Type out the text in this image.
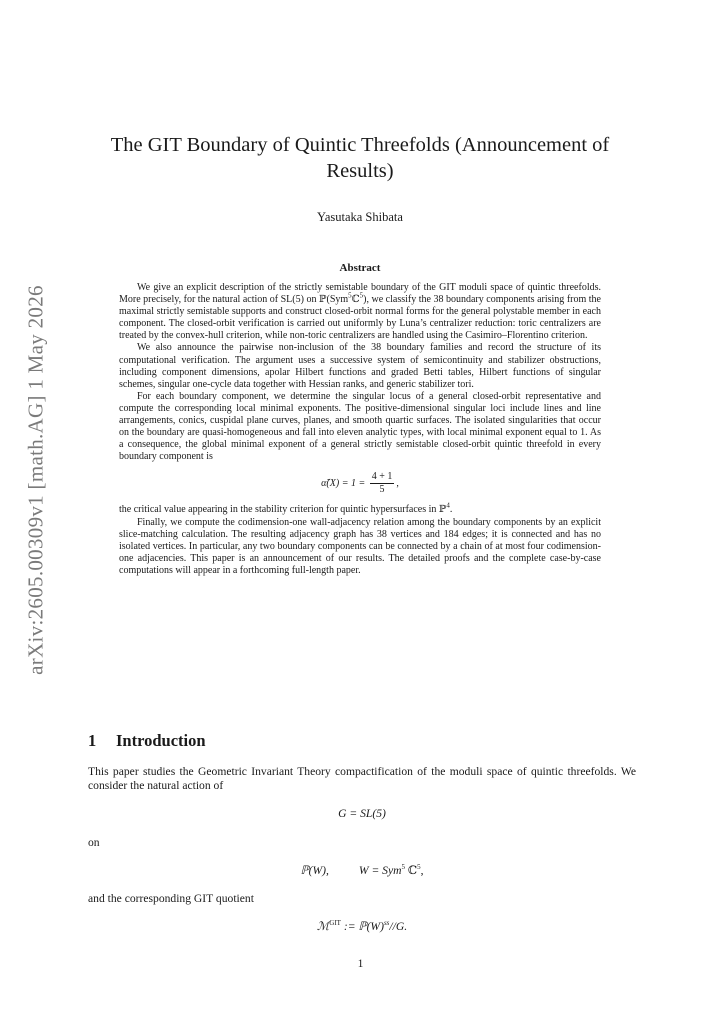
arXiv:2605.00309v1 [math.AG] 1 May 2026
The GIT Boundary of Quintic Threefolds (Announcement of Results)
Yasutaka Shibata
Abstract

We give an explicit description of the strictly semistable boundary of the GIT moduli space of quintic threefolds. More precisely, for the natural action of SL(5) on ℙ(Sym$^5$ℂ$^5$), we classify the 38 boundary components arising from the maximal strictly semistable supports and construct closed-orbit normal forms for the general polystable member in each component. The closed-orbit verification is carried out uniformly by Luna’s centralizer reduction: toric centralizers are treated by the convex-hull criterion, while non-toric centralizers are handled using the Casimiro–Florentino criterion.

We also announce the pairwise non-inclusion of the 38 boundary families and record the structure of its computational verification. The argument uses a successive system of semicontinuity and stabilizer obstructions, including component dimensions, apolar Hilbert functions and graded Betti tables, Hilbert functions of singular schemes, singular one-cycle data together with Hessian ranks, and generic stabilizer tori.

For each boundary component, we determine the singular locus of a general closed-orbit representative and compute the corresponding local minimal exponents. The positive-dimensional singular loci include lines and line arrangements, conics, cuspidal plane curves, planes, and smooth quartic surfaces. The isolated singularities that occur on the boundary are quasi-homogeneous and fall into eleven analytic types, with local minimal exponent equal to 1. As a consequence, the global minimal exponent of a general strictly semistable closed-orbit quintic threefold in every boundary component is

α̃(X) = $1 = \frac{4 + 1}{5}$ ,

the critical value appearing in the stability criterion for quintic hypersurfaces in ℙ$^4$.

Finally, we compute the codimension-one wall-adjacency relation among the boundary components by an explicit slice-matching calculation. The resulting adjacency graph has 38 vertices and 184 edges; it is connected and has no isolated vertices. In particular, any two boundary components can be connected by a chain of at most four codimension-one adjacencies. This paper is an announcement of our results. The detailed proofs and the complete case-by-case computations will appear in a forthcoming full-length paper.

1 Introduction

This paper studies the Geometric Invariant Theory compactification of the moduli space of quintic threefolds. We consider the natural action of

G = SL(5)

on

ℙ(W),	W = Sym$^5$ ℂ$^5$,

and the corresponding GIT quotient

ℳ$^{GIT}$ := $ℙ(W)^{ss}//G$.
1
